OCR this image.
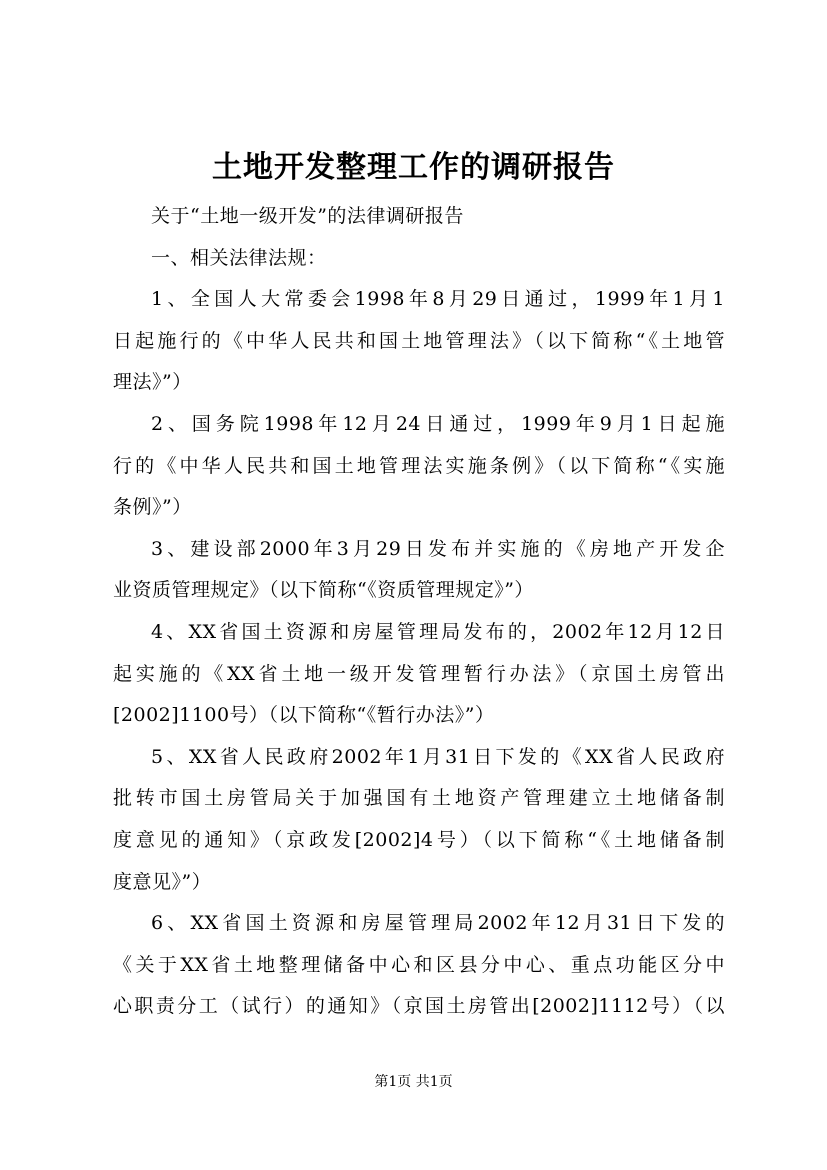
土地开发整理工作的调研报告
关于“土地一级开发”的法律调研报告
一、相关法律法规：
1、全国人大常委会1998年8月29日通过，1999年1月1
日起施行的《中华人民共和国土地管理法》（以下简称“《土地管
理法》”）
2、国务院1998年12月24日通过，1999年9月1日起施
行的《中华人民共和国土地管理法实施条例》（以下简称“《实施
条例》”）
3、建设部2000年3月29日发布并实施的《房地产开发企
业资质管理规定》（以下简称“《资质管理规定》”）
4、XX省国土资源和房屋管理局发布的，2002年12月12日
起实施的《XX省土地一级开发管理暂行办法》（京国土房管出
[2002]1100号）（以下简称“《暂行办法》”）
5、XX省人民政府2002年1月31日下发的《XX省人民政府
批转市国土房管局关于加强国有土地资产管理建立土地储备制
度意见的通知》（京政发[2002]4号）（以下简称“《土地储备制
度意见》”）
6、XX省国土资源和房屋管理局2002年12月31日下发的
《关于XX省土地整理储备中心和区县分中心、重点功能区分中
心职责分工（试行）的通知》（京国土房管出[2002]1112号）（以
第1页 共1页
